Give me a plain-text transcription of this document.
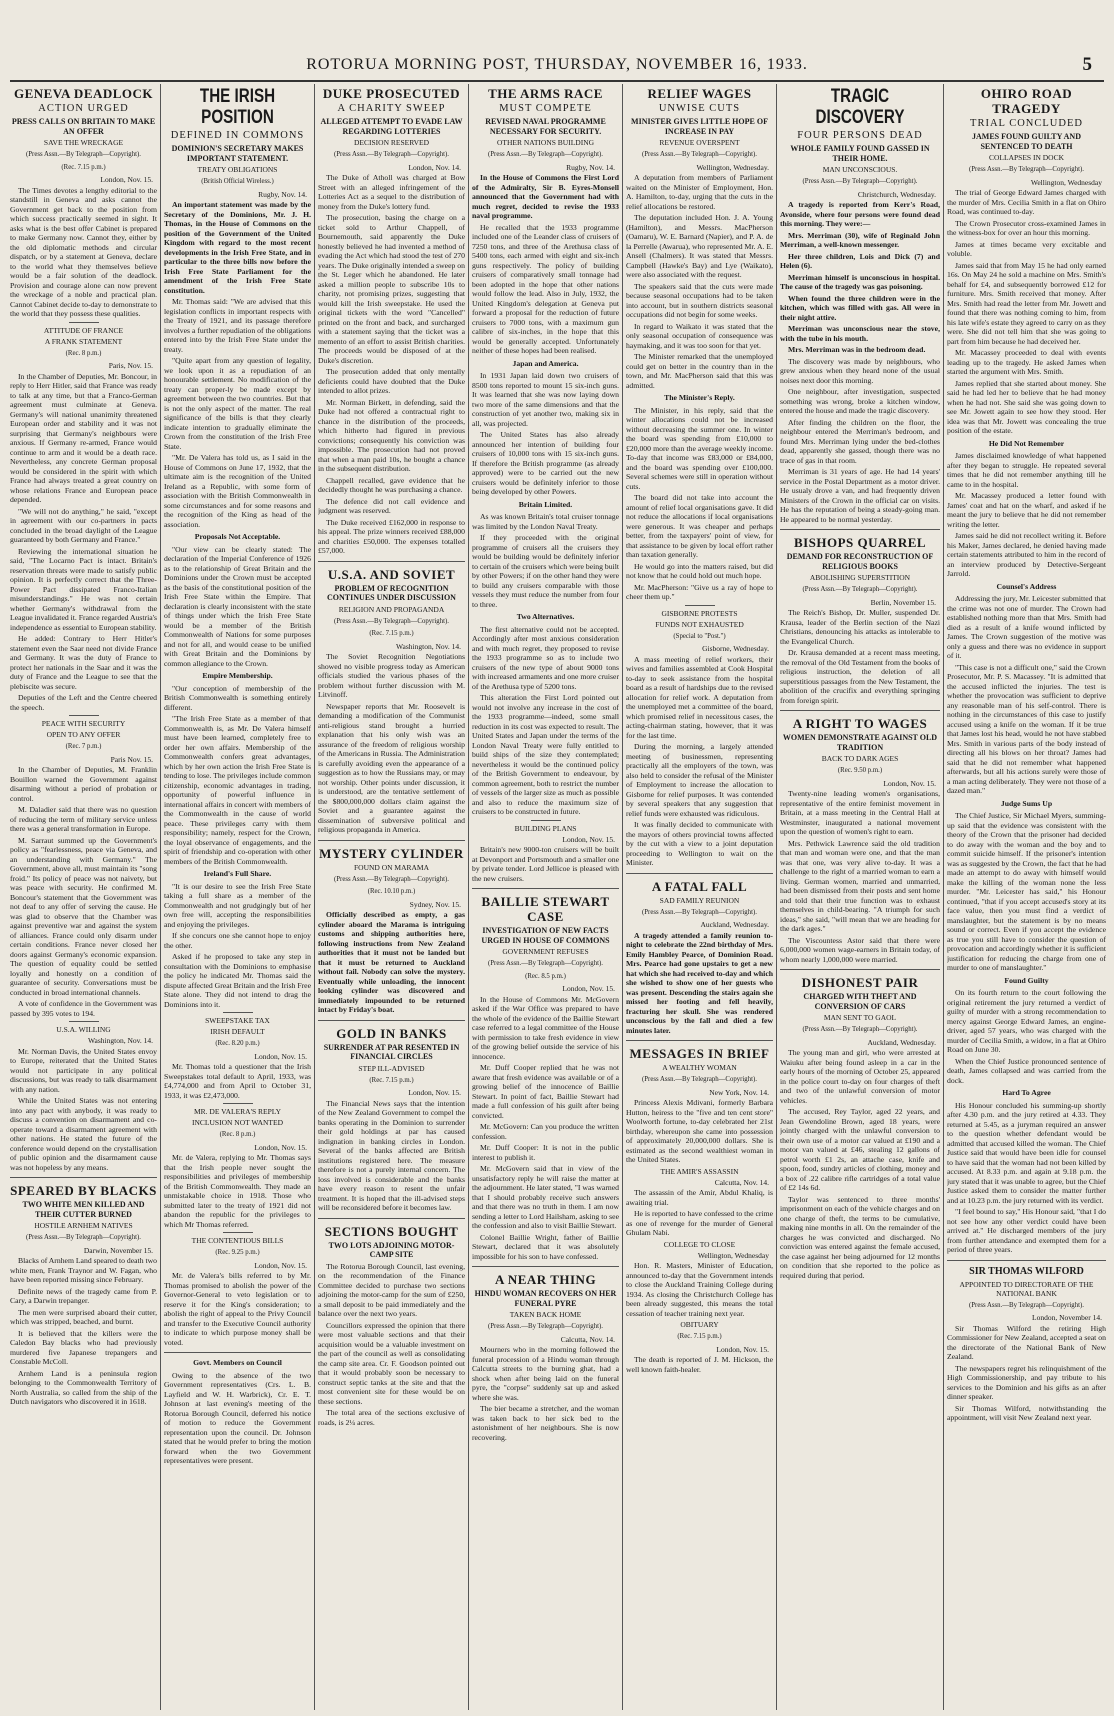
ROTORUA MORNING POST, THURSDAY, NOVEMBER 16, 1933.	5
GENEVA DEADLOCK
ACTION URGED
PRESS CALLS ON BRITAIN TO MAKE AN OFFER
SAVE THE WRECKAGE
(Press Assn.—By Telegraph—Copyright).
(Rec. 7.15 p.m.)
London, Nov. 15.

The Times devotes a lengthy editorial to the standstill in Geneva and asks cannot the Government get back to the position from which success practically seemed in sight. It asks what is the best offer Cabinet is prepared to make Germany now. Cannot they, either by the old diplomatic methods and circular dispatch, or by a statement at Geneva, declare to the world what they themselves believe would be a fair solution of the deadlock. Provision and courage alone can now prevent the wreckage of a noble and practical plan. Cannot Cabinet decide to-day to demonstrate to the world that they possess these qualities.

ATTITUDE OF FRANCE
A FRANK STATEMENT
(Rec. 8 p.m.)
Paris, Nov. 15.

In the Chamber of Deputies, Mr. Boncour, in reply to Herr Hitler, said that France was ready to talk at any time, but that a Franco-German agreement must culminate at Geneva. Germany's will national unanimity threatened European order and stability and it was not surprising that Germany's neighbours were anxious. If Germany re-armed, France would continue to arm and it would be a death race. Nevertheless, any concrete German proposal would be considered in the spirit with which France had always treated a great country on whose relations France and European peace depended.

"We will not do anything," he said, "except in agreement with our co-partners in pacts concluded in the broad daylight of the League guaranteed by both Germany and France."

Reviewing the international situation he said, "The Locarno Pact is intact. Britain's reservation threats were made to satisfy public opinion. It is perfectly correct that the Three-Power Pact dissipated Franco-Italian misunderstandings." He was not certain whether Germany's withdrawal from the League invalidated it. France regarded Austria's independence as essential to European stability.

He added: Contrary to Herr Hitler's statement even the Saar need not divide France and Germany. It was the duty of France to protect her nationals in the Saar and it was the duty of France and the League to see that the plebiscite was secure.

Deputies of the Left and the Centre cheered the speech.

PEACE WITH SECURITY
OPEN TO ANY OFFER
(Rec. 7 p.m.)
Paris Nov. 15.

In the Chamber of Deputies, M. Franklin Bouillon warned the Government against disarming without a period of probation or control.

M. Daladier said that there was no question of reducing the term of military service unless there was a general transformation in Europe.

M. Sarraut summed up the Government's policy as "fearlessness, peace via Geneva, and an understanding with Germany." The Government, above all, must maintain its "song froid." Its policy of peace was not naivety, but was peace with security. He confirmed M. Boncour's statement that the Government was not deaf to any offer of serving the cause. He was glad to observe that the Chamber was against preventive war and against the system of alliances. France could only disarm under certain conditions. France never closed her doors against Germany's economic expansion. The question of equality could be settled loyally and honestly on a condition of guarantee of security. Conversations must be conducted in broad international channels.

A vote of confidence in the Government was passed by 395 votes to 194.

U.S.A. WILLING
Washington, Nov. 14.

Mr. Norman Davis, the United States envoy to Europe, reiterated that the United States would not participate in any political discussions, but was ready to talk disarmament with any nation.

While the United States was not entering into any pact with anybody, it was ready to discuss a convention on disarmament and co-operate toward a disarmament agreement with other nations. He stated the future of the conference would depend on the crystallisation of public opinion and the disarmament cause was not hopeless by any means.

SPEARED BY BLACKS
TWO WHITE MEN KILLED AND THEIR CUTTER BURNED
HOSTILE ARNHEM NATIVES
(Press Assn.—By Telegraph—Copyright).
Darwin, November 15.

Blacks of Arnhem Land speared to death two white men, Frank Traynor and W. Fagan, who have been reported missing since February.

Definite news of the tragedy came from P. Cary, a Darwin trepanger.

The men were surprised aboard their cutter, which was stripped, beached, and burnt.

It is believed that the killers were the Caledon Bay blacks who had previously murdered five Japanese trepangers and Constable McColl.

Arnhem Land is a peninsula region belonging to the Commonwealth Territory of North Australia, so called from the ship of the Dutch navigators who discovered it in 1618.

THE IRISH POSITION
DEFINED IN COMMONS
DOMINION'S SECRETARY MAKES IMPORTANT STATEMENT.
TREATY OBLIGATIONS
(British Official Wireless.)
Rugby, Nov. 14.

An important statement was made by the Secretary of the Dominions, Mr. J. H. Thomas, in the House of Commons on the position of the Government of the United Kingdom with regard to the most recent developments in the Irish Free State, and in particular to the three bills now before the Irish Free State Parliament for the amendment of the Irish Free State constitution.

Mr. Thomas said: "We are advised that this legislation conflicts in important respects with the Treaty of 1921, and its passage therefore involves a further repudiation of the obligations entered into by the Irish Free State under the treaty.

"Quite apart from any question of legality, we look upon it as a repudiation of an honourable settlement. No modification of the treaty can proper-ly be made except by agreement between the two countries. But that is not the only aspect of the matter. The real significance of the bills is that they clearly indicate intention to gradually eliminate the Crown from the constitution of the Irish Free State.

"Mr. De Valera has told us, as I said in the House of Commons on June 17, 1932, that the ultimate aim is the recognition of the United Ireland as a Republic, with some form of association with the British Commonwealth in some circumstances and for some reasons and the recognition of the King as head of the association.

Proposals Not Acceptable.

"Our view can be clearly stated: The declaration of the Imperial Conference of 1926 as to the relationship of Great Britain and the Dominions under the Crown must be accepted as the basis of the constitutional position of the Irish Free State within the Empire. That declaration is clearly inconsistent with the state of things under which the Irish Free State would be a member of the British Commonwealth of Nations for some purposes and not for all, and would cease to be unified with Great Britain and the Dominions by common allegiance to the Crown.

Empire Membership.

"Our conception of membership of the British Commonwealth is something entirely different.

"The Irish Free State as a member of that Commonwealth is, as Mr. De Valera himself must have been learned, completely free to order her own affairs. Membership of the Commonwealth confers great advantages, which by her own action the Irish Free State is tending to lose. The privileges include common citizenship, economic advantages in trading, opportunity of powerful influence in international affairs in concert with members of the Commonwealth in the cause of world peace. These privileges carry with them responsibility; namely, respect for the Crown, the loyal observance of engagements, and the spirit of friendship and co-operation with other members of the British Commonwealth.

Ireland's Full Share.

"It is our desire to see the Irish Free State taking a full share as a member of the Commonwealth and not grudgingly but of her own free will, accepting the responsibilities and enjoying the privileges.

If she concurs one she cannot hope to enjoy the other.

Asked if he proposed to take any step in consultation with the Dominions to emphasise the policy he indicated Mr. Thomas said the dispute affected Great Britain and the Irish Free State alone. They did not intend to drag the Dominions into it.

SWEEPSTAKE TAX
IRISH DEFAULT
(Rec. 8.20 p.m.)
London, Nov. 15.

Mr. Thomas told a questioner that the Irish Sweepstakes total default to April, 1933, was £4,774,000 and from April to October 31, 1933, it was £2,473,000.

MR. DE VALERA'S REPLY
INCLUSION NOT WANTED
(Rec. 8 p.m.)
London, Nov. 15.

Mr. de Valera, replying to Mr. Thomas says that the Irish people never sought the responsibilities and privileges of membership of the British Commonwealth. They made an unmistakable choice in 1918. Those who submitted later to the treaty of 1921 did not abandon the republic for the privileges to which Mr Thomas referred.

THE CONTENTIOUS BILLS
(Rec. 9.25 p.m.)
London, Nov. 15.

Mr. de Valera's bills referred to by Mr. Thomas promised to abolish the power of the Governor-General to veto legislation or to reserve it for the King's consideration; to abolish the right of appeal to the Privy Council and transfer to the Executive Council authority to indicate to which purpose money shall be voted.

Govt. Members on Council

Owing to the absence of the two Government representatives (Crs. L. B. Layfield and W. H. Warbrick), Cr. E. T. Johnson at last evening's meeting of the Rotorua Borough Council, deferred his notice of motion to reduce the Government representation upon the council. Dr. Johnson stated that he would prefer to bring the motion forward when the two Government representatives were present.

DUKE PROSECUTED
A CHARITY SWEEP
ALLEGED ATTEMPT TO EVADE LAW REGARDING LOTTERIES
DECISION RESERVED
(Press Assn.—By Telegraph—Copyright).
London, Nov. 14.

The Duke of Atholl was charged at Bow Street with an alleged infringement of the Lotteries Act as a sequel to the distribution of money from the Duke's lottery fund.

The prosecution, basing the charge on a ticket sold to Arthur Chappell, of Bournemouth, said apparently the Duke honestly believed he had invented a method of evading the Act which had stood the test of 270 years. The Duke originally intended a sweep on the St. Leger which he abandoned. He later asked a million people to subscribe 10s to charity, not promising prizes, suggesting that would kill the Irish sweepstake. He used the original tickets with the word "Cancelled" printed on the front and back, and surcharged with a statement saying that the ticket was a memento of an effort to assist British charities. The proceeds would be disposed of at the Duke's discretion.

The prosecution added that only mentally deficients could have doubted that the Duke intended to allot prizes.

Mr. Norman Birkett, in defending, said the Duke had not offered a contractual right to chance in the distribution of the proceeds, which hitherto had figured in previous convictions; consequently his conviction was impossible. The prosecution had not proved that when a man paid 10s, he bought a chance in the subsequent distribution.

Chappell recalled, gave evidence that he decidedly thought he was purchasing a chance.

The defence did not call evidence and judgment was reserved.

The Duke received £162,000 in response to his appeal. The prize winners received £88,000 and charities £50,000. The expenses totalled £57,000.

U.S.A. AND SOVIET
PROBLEM OF RECOGNITION CONTINUES UNDER DISCUSSION
RELIGION AND PROPAGANDA
(Press Assn.—By Telegraph—Copyright).
(Rec. 7.15 p.m.)
Washington, Nov. 14.

The Soviet Recognition Negotiations showed no visible progress today as American officials studied the various phases of the problem without further discussion with M. Litvinoff.

Newspaper reports that Mr. Roosevelt is demanding a modification of the Communist anti-religious stand brought a hurried explanation that his only wish was an assurance of the freedom of religious worship of the Americans in Russia. The Administration is carefully avoiding even the appearance of a suggestion as to how the Russians may, or may not worship. Other points under discussion, it is understood, are the tentative settlement of the $800,000,000 dollars claim against the Soviet and a guarantee against the dissemination of subversive political and religious propaganda in America.

MYSTERY CYLINDER
FOUND ON MARAMA
(Press Assn.—By Telegraph—Copyright).
(Rec. 10.10 p.m.)
Sydney, Nov. 15.

Officially described as empty, a gas cylinder aboard the Marama is intriguing customs and shipping authorities here, following instructions from New Zealand authorities that it must not be landed but that it must be returned to Auckland without fail. Nobody can solve the mystery. Eventually while unloading, the innocent looking cylinder was discovered and immediately impounded to be returned intact by Friday's boat.

GOLD IN BANKS
SURRENDER AT PAR RESENTED IN FINANCIAL CIRCLES
STEP ILL-ADVISED
(Rec. 7.15 p.m.)
London, Nov. 15.

The Financial News says that the intention of the New Zealand Government to compel the banks operating in the Dominion to surrender their gold holdings at par has caused indignation in banking circles in London. Several of the banks affected are British institutions registered here. The measure therefore is not a purely internal concern. The loss involved is considerable and the banks have every reason to resent the unfair treatment. It is hoped that the ill-advised steps will be reconsidered before it becomes law.

SECTIONS BOUGHT
TWO LOTS ADJOINING MOTOR-CAMP SITE

The Rotorua Borough Council, last evening, on the recommendation of the Finance Committee decided to purchase two sections adjoining the motor-camp for the sum of £250, a small deposit to be paid immediately and the balance over the next two years.

Councillors expressed the opinion that there were most valuable sections and that their acquisition would be a valuable investment on the part of the council as well as consolidating the camp site area. Cr. F. Goodson pointed out that it would probably soon be necessary to construct septic tanks at the site and that the most convenient site for these would be on these sections.

The total area of the sections exclusive of roads, is 2¼ acres.

THE ARMS RACE
MUST COMPETE
REVISED NAVAL PROGRAMME NECESSARY FOR SECURITY.
OTHER NATIONS BUILDING
(Press Assn.—By Telegraph—Copyright).
Rugby, Nov. 14.

In the House of Commons the First Lord of the Admiralty, Sir B. Eyres-Monsell announced that the Government had with much regret, decided to revise the 1933 naval programme.

He recalled that the 1933 programme included one of the Leander class of cruisers of 7250 tons, and three of the Arethusa class of 5400 tons, each armed with eight and six-inch guns respectively. The policy of building cruisers of comparatively small tonnage had been adopted in the hope that other nations would follow the lead. Also in July, 1932, the United Kingdom's delegation at Geneva put forward a proposal for the reduction of future cruisers to 7000 tons, with a maximum gun calibre of six-inches, in the hope that this would be generally accepted. Unfortunately neither of these hopes had been realised.

Japan and America.

In 1931 Japan laid down two cruisers of 8500 tons reported to mount 15 six-inch guns. It was learned that she was now laying down two more of the same dimensions and that the construction of yet another two, making six in all, was projected.

The United States has also already announced her intention of building four cruisers of 10,000 tons with 15 six-inch guns. If therefore the British programme (as already approved) were to be carried out the new cruisers would be definitely inferior to those being developed by other Powers.

Britain Limited.

As was known Britain's total cruiser tonnage was limited by the London Naval Treaty.

If they proceeded with the original programme of cruisers all the cruisers they would be building would be definitely inferior to certain of the cruisers which were being built by other Powers; if on the other hand they were to build any cruisers comparable with those vessels they must reduce the number from four to three.

Two Alternatives.

The first alternative could not be accepted. Accordingly after most anxious consideration and with much regret, they proposed to revise the 1933 programme so as to include two cruisers of the new type of about 9000 tons with increased armaments and one more cruiser of the Arethusa type of 5200 tons.

This alteration the First Lord pointed out would not involve any increase in the cost of the 1933 programme—indeed, some small reduction in its cost was expected to result. The United States and Japan under the terms of the London Naval Treaty were fully entitled to build ships of the size they contemplated; nevertheless it would be the continued policy of the British Government to endeavour, by common agreement, both to restrict the number of vessels of the larger size as much as possible and also to reduce the maximum size of cruisers to be constructed in future.

BUILDING PLANS
London, Nov. 15.

Britain's new 9000-ton cruisers will be built at Devonport and Portsmouth and a smaller one by private tender. Lord Jellicoe is pleased with the new cruisers.

BAILLIE STEWART CASE
INVESTIGATION OF NEW FACTS URGED IN HOUSE OF COMMONS
GOVERNMENT REFUSES
(Press Assn.—By Telegraph—Copyright).
(Rec. 8.5 p.m.)
London, Nov. 15.

In the House of Commons Mr. McGovern asked if the War Office was prepared to have the whole of the evidence of the Baillie Stewart case referred to a legal committee of the House with permission to take fresh evidence in view of the growing belief outside the service of his innocence.

Mr. Duff Cooper replied that he was not aware that fresh evidence was available or of a growing belief of the innocence of Baillie Stewart. In point of fact, Baillie Stewart had made a full confession of his guilt after being convicted.

Mr. McGovern: Can you produce the written confession.

Mr. Duff Cooper: It is not in the public interest to publish it.

Mr. McGovern said that in view of the unsatisfactory reply he will raise the matter at the adjournment. He later stated, "I was warned that I should probably receive such answers and that there was no truth in them. I am now sending a letter to Lord Hailsham, asking to see the confession and also to visit Baillie Stewart.

Colonel Baillie Wright, father of Baillie Stewart, declared that it was absolutely impossible for his son to have confessed.

A NEAR THING
HINDU WOMAN RECOVERS ON HER FUNERAL PYRE
TAKEN BACK HOME
(Press Assn.—By Telegraph—Copyright).
Calcutta, Nov. 14.

Mourners who in the morning followed the funeral procession of a Hindu woman through Calcutta streets to the burning ghat, had a shock when after being laid on the funeral pyre, the "corpse" suddenly sat up and asked where she was.

The bier became a stretcher, and the woman was taken back to her sick bed to the astonishment of her neighbours. She is now recovering.

RELIEF WAGES
UNWISE CUTS
MINISTER GIVES LITTLE HOPE OF INCREASE IN PAY
REVENUE OVERSPENT
(Press Assn.—By Telegraph—Copyright).
Wellington, Wednesday.

A deputation from members of Parliament waited on the Minister of Employment, Hon. A. Hamilton, to-day, urging that the cuts in the relief allocations be restored.

The deputation included Hon. J. A. Young (Hamilton), and Messrs. MacPherson (Oamaru), W. E. Barnard (Napier), and P. A. de la Perrelle (Awarua), who represented Mr. A. E. Ansell (Chalmers). It was stated that Messrs. Campbell (Hawke's Bay) and Lye (Waikato), were also associated with the request.

The speakers said that the cuts were made because seasonal occupations had to be taken into account, but in southern districts seasonal occupations did not begin for some weeks.

In regard to Waikato it was stated that the only seasonal occupation of consequence was haymaking, and it was too soon for that yet.

The Minister remarked that the unemployed could get on better in the country than in the town, and Mr. MacPherson said that this was admitted.

The Minister's Reply.

The Minister, in his reply, said that the winter allocations could not be increased without decreasing the summer one. In winter the board was spending from £10,000 to £20,000 more than the average weekly income. To-day that income was £83,000 or £84,000, and the board was spending over £100,000. Several schemes were still in operation without cuts.

The board did not take into account the amount of relief local organisations gave. It did not reduce the allocations if local organisations were generous. It was cheaper and perhaps better, from the taxpayers' point of view, for that assistance to be given by local effort rather than taxation generally.

He would go into the matters raised, but did not know that he could hold out much hope.

Mr. MacPherson: "Give us a ray of hope to cheer them up."

GISBORNE PROTESTS
FUNDS NOT EXHAUSTED
(Special to "Post.")
Gisborne, Wednesday.

A mass meeting of relief workers, their wives and families assembled at Cook Hospital to-day to seek assistance from the hospital board as a result of hardships due to the revised allocation for relief work. A deputation from the unemployed met a committee of the board, which promised relief in necessitous cases, the acting-chairman stating, however, that it was for the last time.

During the morning, a largely attended meeting of businessmen, representing practically all the employers of the town, was also held to consider the refusal of the Minister of Employment to increase the allocation to Gisborne for relief purposes. It was contended by several speakers that any suggestion that relief funds were exhausted was ridiculous.

It was finally decided to communicate with the mayors of others provincial towns affected by the cut with a view to a joint deputation proceeding to Wellington to wait on the Minister.

A FATAL FALL
SAD FAMILY REUNION
(Press Assn.—By Telegraph—Copyright).
Auckland, Wednesday.

A tragedy attended a family reunion to-night to celebrate the 22nd birthday of Mrs. Emily Hambley Pearce, of Dominion Road. Mrs. Pearce had gone upstairs to get a new hat which she had received to-day and which she wished to show one of her guests who was present. Descending the stairs again she missed her footing and fell heavily, fracturing her skull. She was rendered unconscious by the fall and died a few minutes later.

MESSAGES IN BRIEF
A WEALTHY WOMAN
(Press Assn.—By Telegraph—Copyright).
New York, Nov. 14.

Princess Alexis Mdivani, formerly Barbara Hutton, heiress to the "five and ten cent store" Woolworth fortune, to-day celebrated her 21st birthday, whereupon she came into possession of approximately 20,000,000 dollars. She is estimated as the second wealthiest woman in the United States.

THE AMIR'S ASSASSIN
Calcutta, Nov. 14.

The assassin of the Amir, Abdul Khaliq, is awaiting trial.

He is reported to have confessed to the crime as one of revenge for the murder of General Ghulam Nabi.

COLLEGE TO CLOSE
Wellington, Wednesday

Hon. R. Masters, Minister of Education, announced to-day that the Government intends to close the Auckland Training College during 1934. As closing the Christchurch College has been already suggested, this means the total cessation of teacher training next year.

OBITUARY
(Rec. 7.15 p.m.)
London, Nov. 15.

The death is reported of J. M. Hickson, the well known faith-healer.

TRAGIC DISCOVERY
FOUR PERSONS DEAD
WHOLE FAMILY FOUND GASSED IN THEIR HOME.
MAN UNCONSCIOUS.
(Press Assn.—By Telegraph—Copyright).
Christchurch, Wednesday.

A tragedy is reported from Kerr's Road, Avonside, where four persons were found dead this morning. They were:—

Mrs. Merriman (30), wife of Reginald John Merriman, a well-known messenger.

Her three children, Lois and Dick (7) and Helen (6).

Merriman himself is unconscious in hospital. The cause of the tragedy was gas poisoning.

When found the three children were in the kitchen, which was filled with gas. All were in their night attire.

Merriman was unconscious near the stove, with the tube in his mouth.

Mrs. Merriman was in the bedroom dead.

The discovery was made by neighbours, who grew anxious when they heard none of the usual noises next door this morning.

One neighbour, after investigation, suspected something was wrong, broke a kitchen window, entered the house and made the tragic discovery.

After finding the children on the floor, the neighbour entered the Merriman's bedroom, and found Mrs. Merriman lying under the bed-clothes dead, apparently she gassed, though there was no trace of gas in that room.

Merriman is 31 years of age. He had 14 years' service in the Postal Department as a motor driver. He usualy drove a van, and had frequently driven Ministers of the Crown in the official car on visits. He has the reputation of being a steady-going man. He appeared to be normal yesterday.

BISHOPS QUARREL
DEMAND FOR RECONSTRUCTION OF RELIGIOUS BOOKS
ABOLISHING SUPERSTITION
(Press Assn.—By Telegraph—Copyright).
Berlin, November 15.

The Reich's Bishop, Dr. Muller, suspended Dr. Krausa, leader of the Berlin section of the Nazi Christians, denouncing his attacks as intolerable to the Evangelical Church.

Dr. Krausa demanded at a recent mass meeting, the removal of the Old Testament from the books of religious instruction, the deletion of all superstitious passages from the New Testament, the abolition of the crucifix and everything springing from foreign spirit.

A RIGHT TO WAGES
WOMEN DEMONSTRATE AGAINST OLD TRADITION
BACK TO DARK AGES
(Rec. 9.50 p.m.)
London, Nov. 15.

Twenty-nine leading women's organisations, representative of the entire feminist movement in Britain, at a mass meeting in the Central Hall at Westminster, inaugurated a national movement upon the question of women's right to earn.

Mrs. Pethwick Lawrence said the old tradition that man and woman were one, and that the man was that one, was very alive to-day. It was a challenge to the right of a married woman to earn a living. German women, married and unmarried, had been dismissed from their posts and sent home and told that their true function was to exhaust themselves in child-bearing. "A triumph for such ideas," she said, "will mean that we are heading for the dark ages."

The Viscountess Astor said that there were 6,000,000 women wage-earners in Britain today, of whom nearly 1,000,000 were married.

DISHONEST PAIR
CHARGED WITH THEFT AND CONVERSION OF CARS
MAN SENT TO GAOL
(Press Assn.—By Telegraph—Copyright).
Auckland, Wednesday.

The young man and girl, who were arrested at Waiuku after being found asleep in a car in the early hours of the morning of October 25, appeared in the police court to-day on four charges of theft and two of the unlawful conversion of motor vehicles.

The accused, Rey Taylor, aged 22 years, and Jean Gwendoline Brown, aged 18 years, were jointly charged with the unlawful conversion to their own use of a motor car valued at £190 and a motor van valued at £46, stealing 12 gallons of petrol worth £1 2s, an attache case, knife and spoon, food, sundry articles of clothing, money and a box of .22 calibre rifle cartridges of a total value of £2 14s 6d.

Taylor was sentenced to three months' imprisonment on each of the vehicle charges and on one charge of theft, the terms to be cumulative, making nine months in all. On the remainder of the charges he was convicted and discharged. No conviction was entered against the female accused, the case against her being adjourned for 12 months on condition that she reported to the police as required during that period.

OHIRO ROAD TRAGEDY
TRIAL CONCLUDED
JAMES FOUND GUILTY AND SENTENCED TO DEATH
COLLAPSES IN DOCK
(Press Assn.—By Telegraph—Copyright).
Wellington, Wednesday

The trial of George Edward James charged with the murder of Mrs. Cecilia Smith in a flat on Ohiro Road, was continued to-day.

The Crown Prosecutor cross-examined James in the witness-box for over an hour this morning.

James at times became very excitable and voluble.

James said that from May 15 he had only earned 16s. On May 24 he sold a machine on Mrs. Smith's behalf for £4, and subsequently borrowed £12 for furniture. Mrs. Smith received that money. After Mrs. Smith had read the letter from Mr. Jowett and found that there was nothing coming to him, from his late wife's estate they agreed to carry on as they were. She did not tell him that she was going to part from him because he had deceived her.

Mr. Macassey proceeded to deal with events leading up to the tragedy. He asked James when started the argument with Mrs. Smith.

James replied that she started about money. She said he had led her to believe that he had money when he had not. She said she was going down to see Mr. Jowett again to see how they stood. Her idea was that Mr. Jowett was concealing the true position of the estate.

He Did Not Remember

James disclaimed knowledge of what happened after they began to struggle. He repeated several times that he did not remember anything till he came to in the hospital.

Mr. Macassey produced a letter found with James' coat and hat on the wharf, and asked if he meant the jury to believe that he did not remember writing the letter.

James said he did not recollect writing it. Before his Maker, James declared, he denied having made certain statements attributed to him in the record of an interview produced by Detective-Sergeant Jarrold.

Counsel's Address

Addressing the jury, Mr. Leicester submitted that the crime was not one of murder. The Crown had established nothing more than that Mrs. Smith had died as a result of a knife wound inflicted by James. The Crown suggestion of the motive was only a guess and there was no evidence in support of it.

"This case is not a difficult one," said the Crown Prosecutor, Mr. P. S. Macassey. "It is admitted that the accused inflicted the injuries. The test is whether the provocation was sufficient to deprive any reasonable man of his self-control. There is nothing in the circumstances of this case to justify accused using a knife on the woman. If it be true that James lost his head, would he not have stabbed Mrs. Smith in various parts of the body instead of directing all his blows on her throat? James had said that he did not remember what happened afterwards, but all his actions surely were those of a man acting deliberately. They were not those of a dazed man."

Judge Sums Up

The Chief Justice, Sir Michael Myers, summing-up said that the evidence was consistent with the theory of the Crown that the prisoner had decided to do away with the woman and the boy and to commit suicide himself. If the prisoner's intention was as suggested by the Crown, the fact that he had made an attempt to do away with himself would make the killing of the woman none the less murder. "Mr. Leicester has said," his Honour continued, "that if you accept accused's story at its face value, then you must find a verdict of manslaughter, but the statement is by no means sound or correct. Even if you accept the evidence as true you still have to consider the question of provocation and accordingly whether it is sufficient justification for reducing the charge from one of murder to one of manslaughter."

Found Guilty

On its fourth return to the court following the original retirement the jury returned a verdict of guilty of murder with a strong recommendation to mercy against George Edward James, an engine-driver, aged 57 years, who was charged with the murder of Cecilia Smith, a widow, in a flat at Ohiro Road on June 30.

When the Chief Justice pronounced sentence of death, James collapsed and was carried from the dock.

Hard To Agree

His Honour concluded his summing-up shortly after 4.30 p.m. and the jury retired at 4.33. They returned at 5.45, as a juryman required an answer to the question whether defendant would be admitted that accused killed the woman. The Chief Justice said that would have been idle for counsel to have said that the woman had not been killed by accused. At 8.33 p.m. and again at 9.18 p.m. the jury stated that it was unable to agree, but the Chief Justice asked them to consider the matter further and at 10.23 p.m. the jury returned with its verdict.

"I feel bound to say," His Honour said, "that I do not see how any other verdict could have been arrived at." He discharged members of the jury from further attendance and exempted them for a period of three years.

SIR THOMAS WILFORD
APPOINTED TO DIRECTORATE OF THE NATIONAL BANK
(Press Assn.—By Telegraph—Copyright).
London, November 14.

Sir Thomas Wilford the retiring High Commissioner for New Zealand, accepted a seat on the directorate of the National Bank of New Zealand.

The newspapers regret his relinquishment of the High Commissionership, and pay tribute to his services to the Dominion and his gifts as an after dinner speaker.

Sir Thomas Wilford, notwithstanding the appointment, will visit New Zealand next year.
